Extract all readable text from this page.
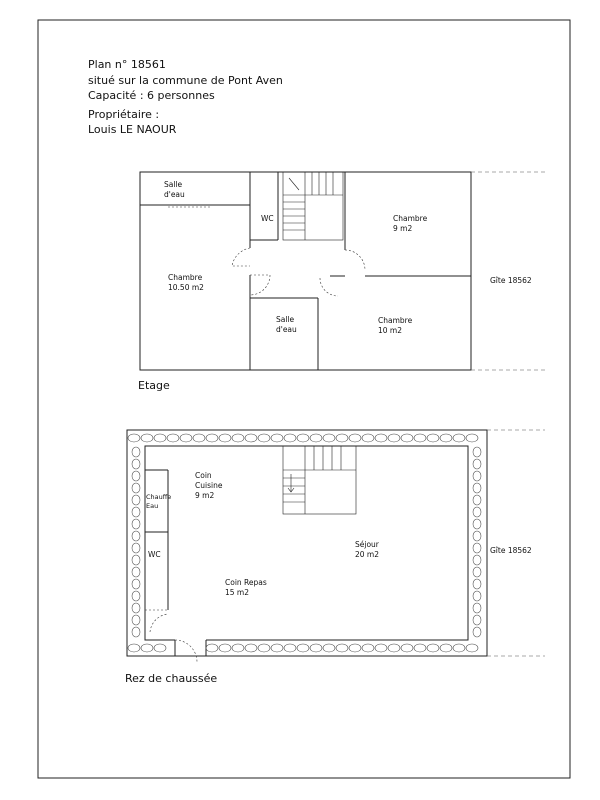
Plan n° 18561
situé sur la commune de Pont Aven
Capacité : 6 personnes
Propriétaire :
Louis LE NAOUR
Salle
d'eau
WC	Chambre
9 m2
Chambre
10.50 m2
Salle
d'eau
Chambre
10 m2
Gîte 18562
Etage
Coin
Cuisine
9 m2
Chauffe
Eau
WC
Séjour
20 m2
Coin Repas
15 m2
Gîte 18562
Rez de chaussée
